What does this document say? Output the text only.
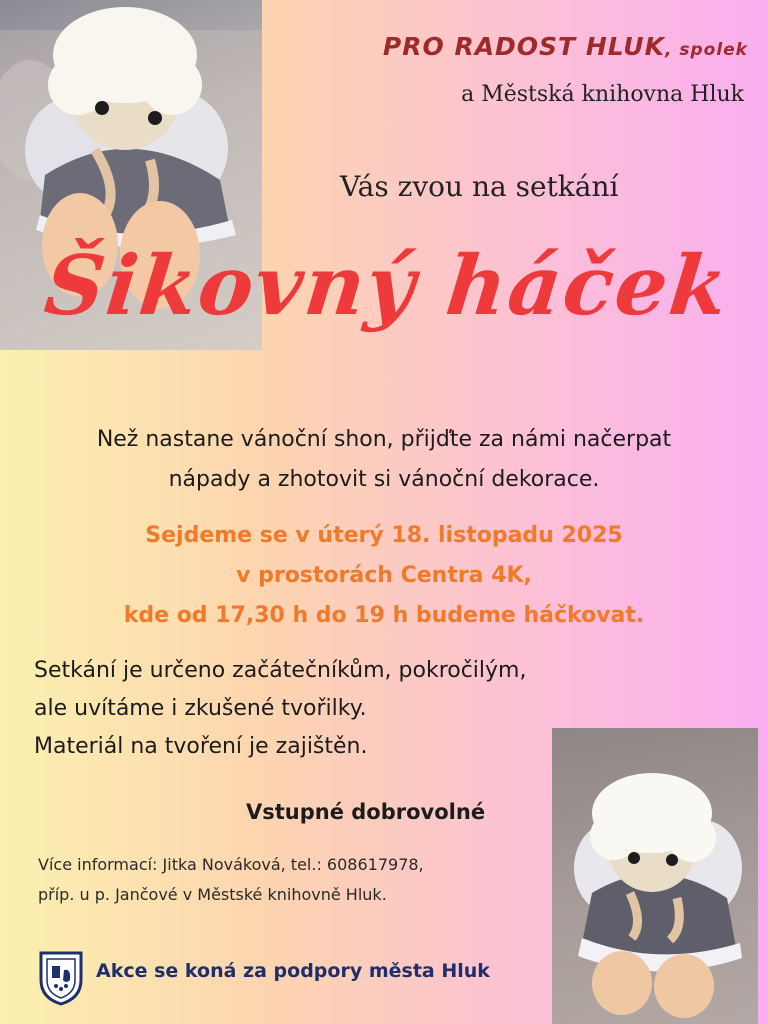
PRO RADOST HLUK, spolek
a Městská knihovna Hluk
Vás zvou na setkání
Šikovný háček
Než nastane vánoční shon, přijďte za námi načerpat
nápady a zhotovit si vánoční dekorace.
Sejdeme se v úterý 18. listopadu 2025
v prostorách Centra 4K,
kde od 17,30 h do 19 h budeme háčkovat.
Setkání je určeno začátečníkům, pokročilým,
ale uvítáme i zkušené tvořilky.
Materiál na tvoření je zajištěn.
Vstupné dobrovolné
Více informací: Jitka Nováková, tel.: 608617978,
příp. u p. Jančové v Městské knihovně Hluk.
Akce se koná za podpory města Hluk
